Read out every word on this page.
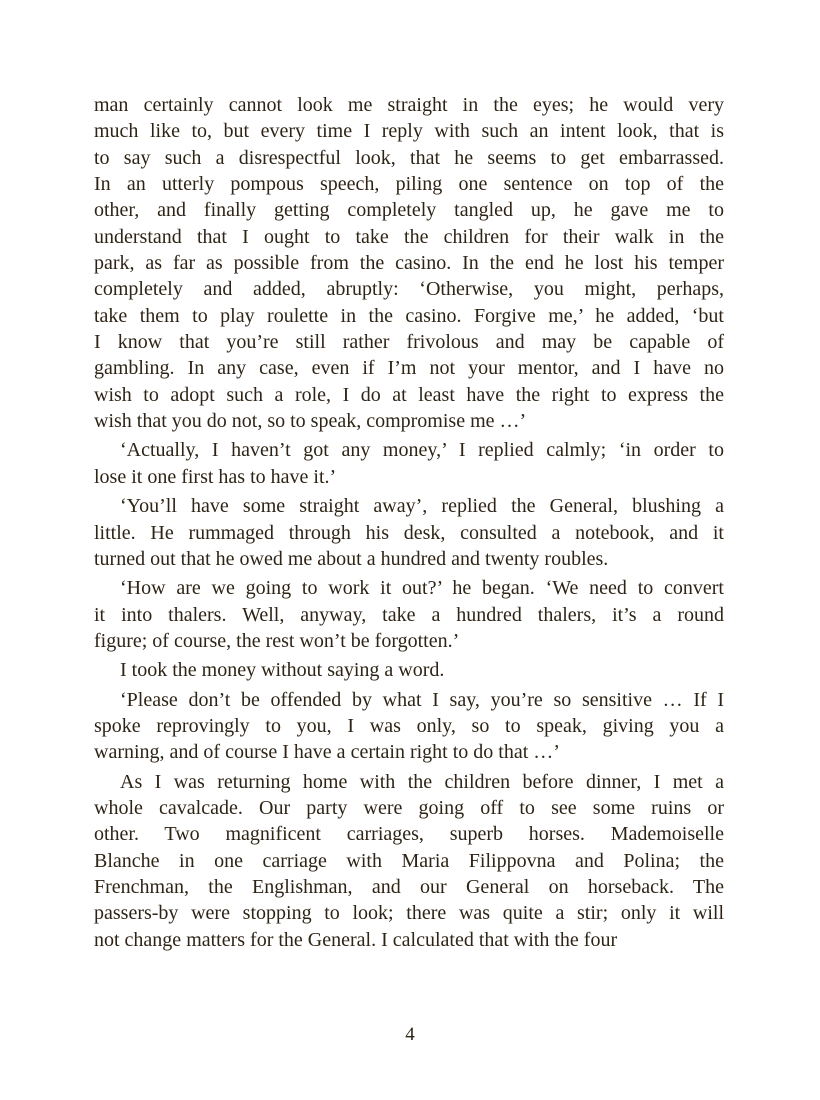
man certainly cannot look me straight in the eyes; he would very
much like to, but every time I reply with such an intent look, that is
to say such a disrespectful look, that he seems to get embarrassed.
In an utterly pompous speech, piling one sentence on top of the
other, and finally getting completely tangled up, he gave me to
understand that I ought to take the children for their walk in the
park, as far as possible from the casino. In the end he lost his temper
completely and added, abruptly: ‘Otherwise, you might, perhaps,
take them to play roulette in the casino. Forgive me,’ he added, ‘but
I know that you’re still rather frivolous and may be capable of
gambling. In any case, even if I’m not your mentor, and I have no
wish to adopt such a role, I do at least have the right to express the
wish that you do not, so to speak, compromise me …’
‘Actually, I haven’t got any money,’ I replied calmly; ‘in order to
lose it one first has to have it.’
‘You’ll have some straight away’, replied the General, blushing a
little. He rummaged through his desk, consulted a notebook, and it
turned out that he owed me about a hundred and twenty roubles.
‘How are we going to work it out?’ he began. ‘We need to convert
it into thalers. Well, anyway, take a hundred thalers, it’s a round
figure; of course, the rest won’t be forgotten.’
I took the money without saying a word.
‘Please don’t be offended by what I say, you’re so sensitive … If I
spoke reprovingly to you, I was only, so to speak, giving you a
warning, and of course I have a certain right to do that …’
As I was returning home with the children before dinner, I met a
whole cavalcade. Our party were going off to see some ruins or
other. Two magnificent carriages, superb horses. Mademoiselle
Blanche in one carriage with Maria Filippovna and Polina; the
Frenchman, the Englishman, and our General on horseback. The
passers-by were stopping to look; there was quite a stir; only it will
not change matters for the General. I calculated that with the four
4
